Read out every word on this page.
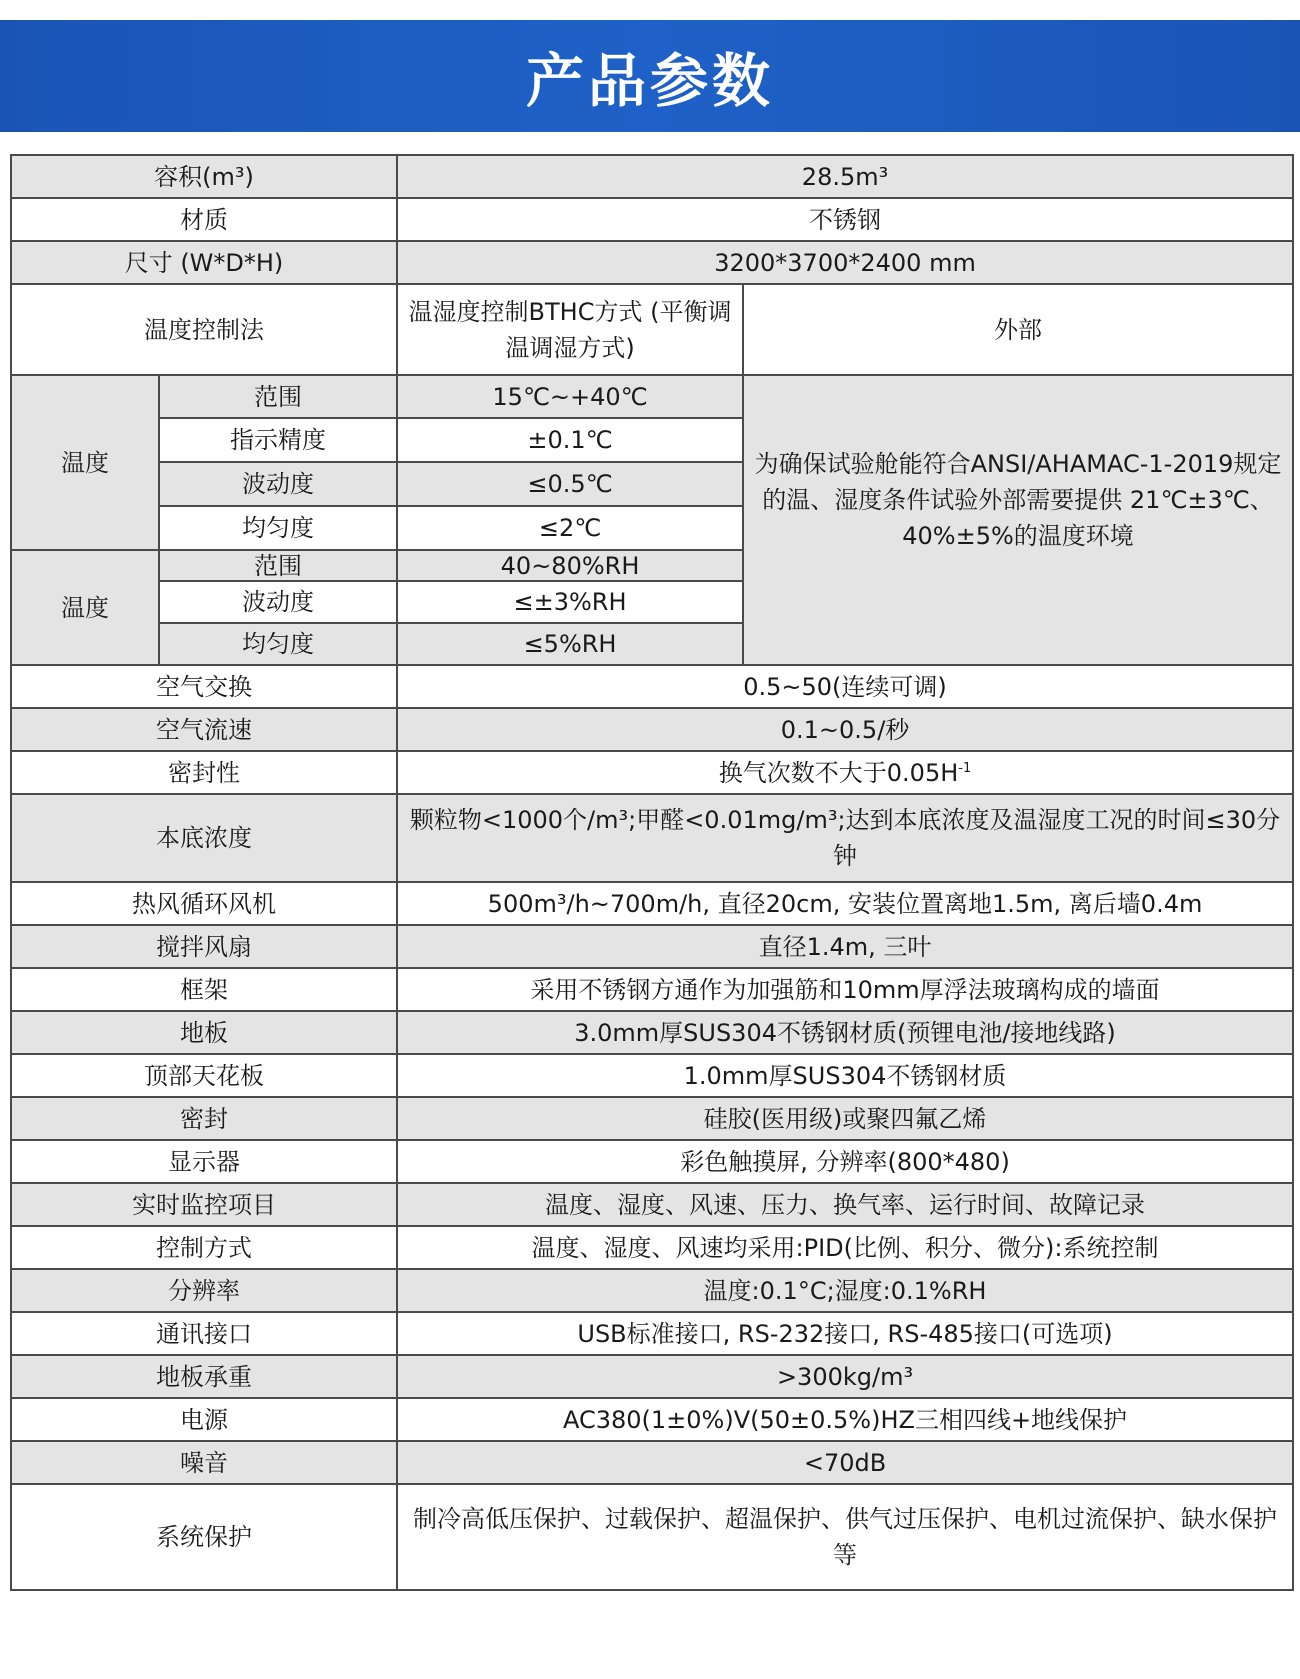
产品参数
容积(m³)		28.5m³	
材质		不锈钢	
尺寸 (W*D*H)		3200*3700*2400 mm	
温度控制法		温湿度控制BTHC方式 (平衡调温调湿方式)	外部
温度	范围	15℃~+40℃	为确保试验舱能符合ANSI/AHAMAC-1-2019规定的温、湿度条件试验外部需要提供 21℃±3℃、40%±5%的温度环境
	指示精度	±0.1℃	
	波动度	≤0.5℃	
	均匀度	≤2℃	
温度	范围	40~80%RH	
	波动度	≤±3%RH	
	均匀度	≤5%RH	
空气交换		0.5~50(连续可调)	
空气流速		0.1~0.5/秒	
密封性		换气次数不大于$0.05H^{-1}$
本底浓度		颗粒物<1000个/m³;甲醛<0.01mg/m³;达到本底浓度及温湿度工况的时间≤30分钟	
热风循环风机		500m³/h~700m/h, 直径20cm, 安装位置离地1.5m, 离后墙0.4m	
搅拌风扇		直径1.4m, 三叶	
框架		采用不锈钢方通作为加强筋和10mm厚浮法玻璃构成的墙面	
地板		3.0mm厚SUS304不锈钢材质(预锂电池/接地线路)	
顶部天花板		1.0mm厚SUS304不锈钢材质	
密封		硅胶(医用级)或聚四氟乙烯	
显示器		彩色触摸屏, 分辨率(800*480)	
实时监控项目		温度、湿度、风速、压力、换气率、运行时间、故障记录	
控制方式		温度、湿度、风速均采用:PID(比例、积分、微分):系统控制	
分辨率		温度:0.1°C;湿度:0.1%RH	
通讯接口		USB标准接口, RS-232接口, RS-485接口(可选项)	
地板承重		>300kg/m³	
电源		AC380(1±0%)V(50±0.5%)HZ三相四线+地线保护	
噪音		<70dB	
系统保护		制冷高低压保护、过载保护、超温保护、供气过压保护、电机过流保护、缺水保护等	
